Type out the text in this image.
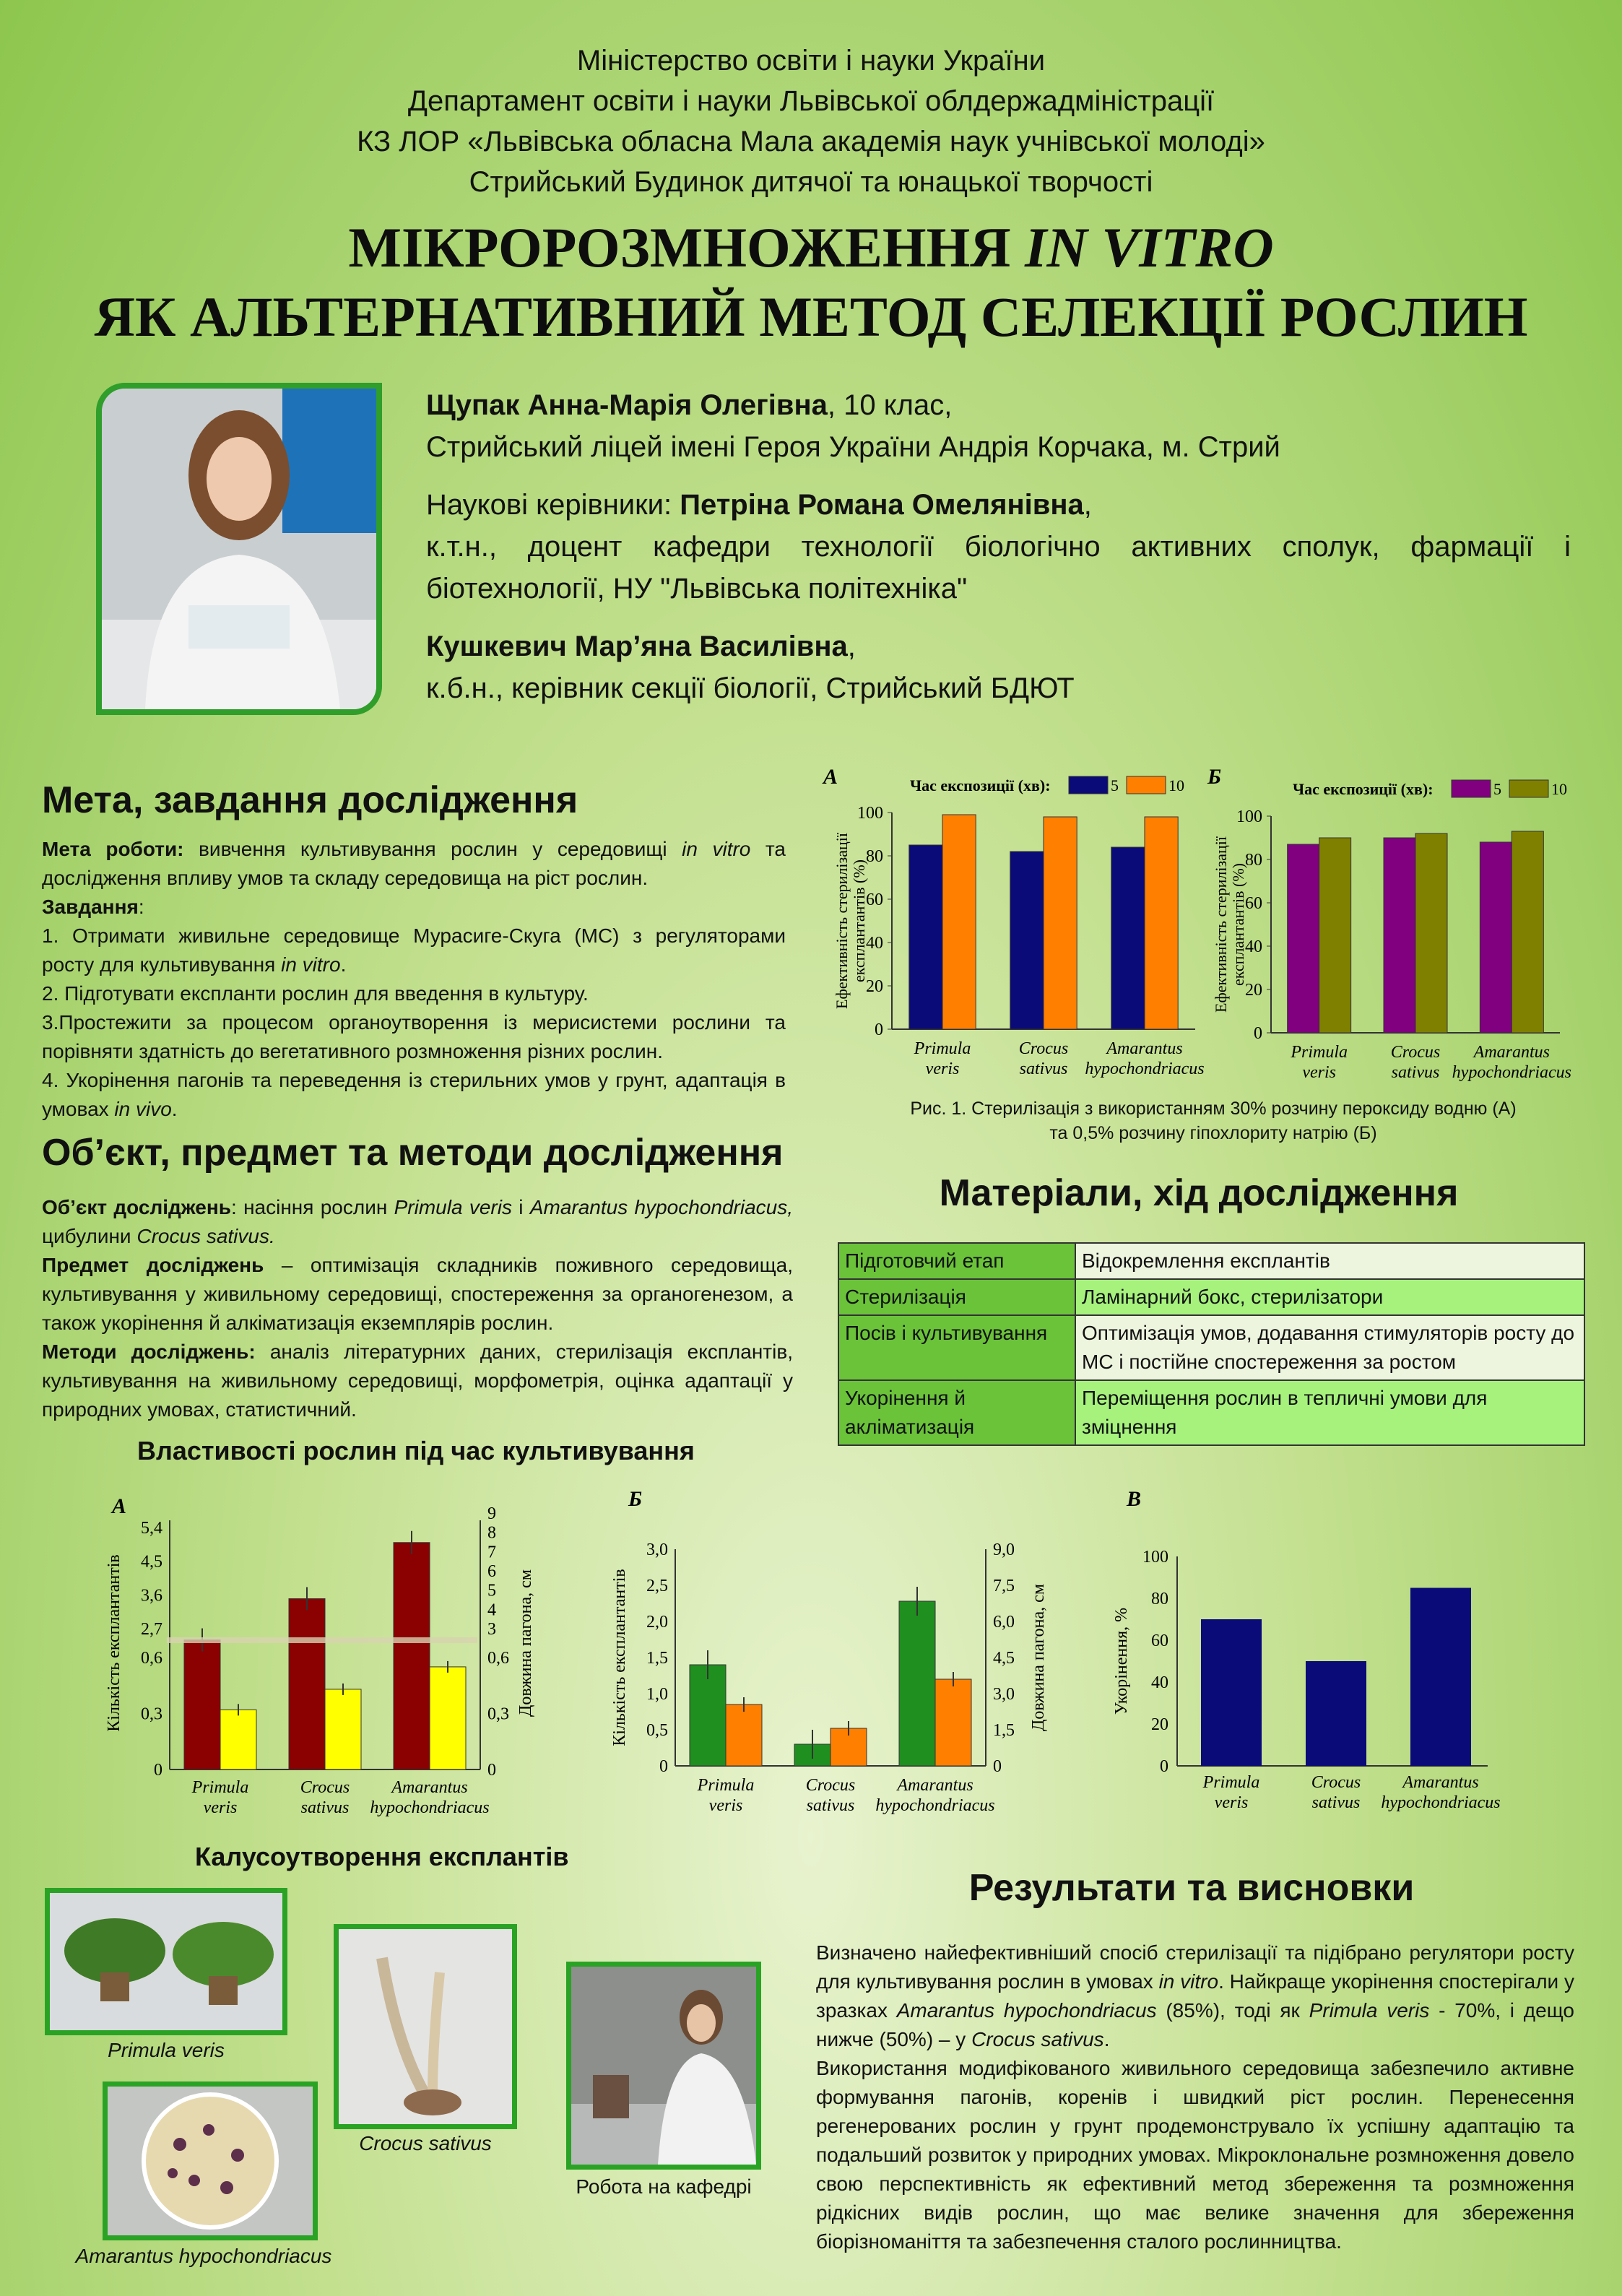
Міністерство освіти і науки України
Департамент освіти і науки Львівської облдержадміністрації
КЗ ЛОР «Львівська обласна Мала академія наук учнівської молоді»
Стрийський Будинок дитячої та юнацької творчості
МІКРОРОЗМНОЖЕННЯ IN VITRO
ЯК АЛЬТЕРНАТИВНИЙ МЕТОД СЕЛЕКЦІЇ РОСЛИН
Щупак Анна-Марія Олегівна, 10 клас,
Стрийський ліцей імені Героя України Андрія Корчака, м. Стрий
Наукові керівники: Петріна Романа Омелянівна,
к.т.н., доцент кафедри технології біологічно активних сполук, фармації і біотехнології, НУ "Львівська політехніка"
Кушкевич Мар’яна Василівна,
к.б.н., керівник секції біології, Стрийський БДЮТ
Мета, завдання дослідження
Мета роботи: вивчення культивування рослин у середовищі in vitro та дослідження впливу умов та складу середовища на ріст рослин.
Завдання:
1. Отримати живильне середовище Мурасиге-Скуга (МС) з регуляторами росту для культивування in vitro.
2. Підготувати експланти рослин для введення в культуру.
3.Простежити за процесом органоутворення із мерисистеми рослини та порівняти здатність до вегетативного розмноження різних рослин.
4. Укорінення пагонів та переведення із стерильних умов у грунт, адаптація в умовах in vivo.
Об’єкт, предмет та методи дослідження
Об’єкт досліджень: насіння рослин Primula veris і Amarantus hypochondriacus, цибулини Crocus sativus.
Предмет досліджень – оптимізація складників поживного середовища, культивування у живильному середовищі, спостереження за органогенезом, а також укорінення й алкіматизація екземплярів рослин.
Методи досліджень: аналіз літературних даних, стерилізація експлантів, культивування на живильному середовищі, морфометрія, оцінка адаптації у природних умовах, статистичний.
А
0
20
40
60
80
100
Ефективність стерилізації експлантантів (%)
Primula
veris
Crocus
sativus
Amarantus
hypochondriacus
Час експозиції (хв):	5	10 Б
0
20
40
60
80
100
Ефективність стерилізації експлантантів (%)
Primula
veris
Crocus
sativus
Amarantus
hypochondriacus
Час експозиції (хв):	5	10
Рис. 1. Стерилізація з використанням 30% розчину пероксиду водню (А)
та 0,5% розчину гіпохлориту натрію (Б)
Матеріали, хід дослідження
Підготовчий етап	Відокремлення експлантів
Стерилізація	Ламінарний бокс, стерилізатори
Посів і культивування	Оптимізація умов, додавання стимуляторів росту до МС і постійне спостереження за ростом
Укорінення й акліматизація	Переміщення рослин в тепличні умови для зміцнення
Властивості рослин під час культивування
А
0
0,3
0,6
2,7
3,6
4,5
5,4
0
0,3
0,6
3
4
5
6
7
8
9
Кількість експлантантів	Довжина пагона, см
Primula
veris
Crocus
sativus
Amarantus
hypochondriacus
Б
0
0,5
1,0
1,5
2,0
2,5
3,0
0
1,5
3,0
4,5
6,0
7,5
9,0
Кількість експлантантів	Довжина пагона, см
Primula
veris
Crocus
sativus
Amarantus
hypochondriacus
В
0
20
40
60
80
100
Укорінення, %
Primula
veris
Crocus
sativus
Amarantus
hypochondriacus
Калусоутворення експлантів
Primula veris
Crocus sativus
Amarantus hypochondriacus
Робота на кафедрі
Результати та висновки
Визначено найефективніший спосіб стерилізації та підібрано регулятори росту для культивування рослин в умовах in vitro. Найкраще укорінення спостерігали у зразках Amarantus hypochondriacus (85%), тоді як Primula veris - 70%, і дещо нижче (50%) – у Crocus sativus.
Використання модифікованого живильного середовища забезпечило активне формування пагонів, коренів і швидкий ріст рослин. Перенесення регенерованих рослин у грунт продемонструвало їх успішну адаптацію та подальший розвиток у природних умовах. Мікроклональне розмноження довело свою перспективність як ефективний метод збереження та розмноження рідкісних видів рослин, що має велике значення для збереження біорізноманіття та забезпечення сталого рослинництва.
